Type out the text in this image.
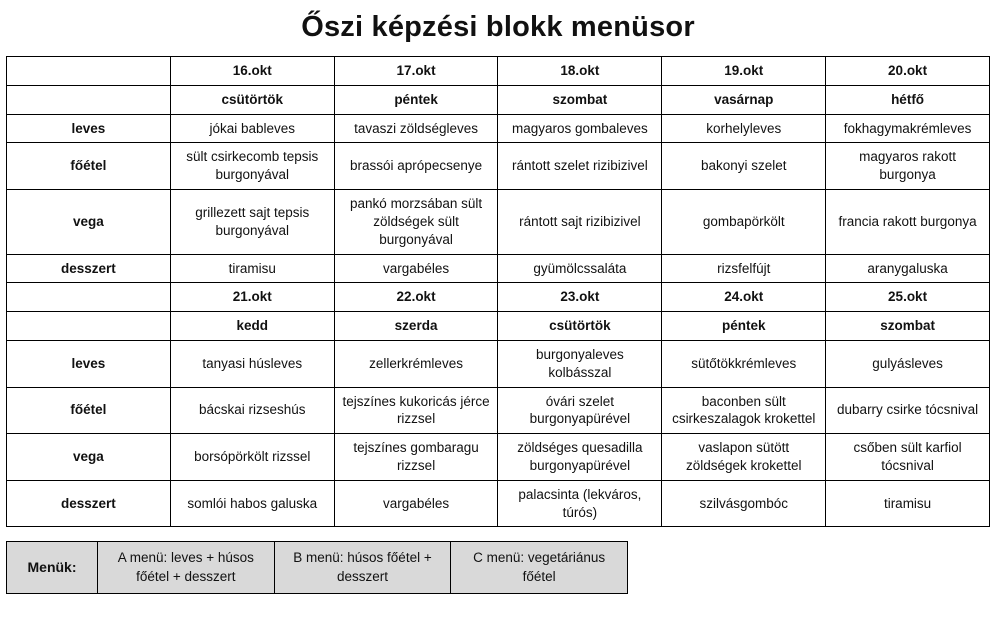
Őszi képzési blokk menüsor
	16.okt	17.okt	18.okt	19.okt	20.okt
	csütörtök	péntek	szombat	vasárnap	hétfő
leves	jókai bableves	tavaszi zöldségleves	magyaros gombaleves	korhelyleves	fokhagymakrémleves
főétel	sült csirkecomb tepsis burgonyával	brassói aprópecsenye	rántott szelet rizibizivel	bakonyi szelet	magyaros rakott burgonya
vega	grillezett sajt tepsis burgonyával	pankó morzsában sült zöldségek sült burgonyával	rántott sajt rizibizivel	gombapörkölt	francia rakott burgonya
desszert	tiramisu	vargabéles	gyümölcssaláta	rizsfelfújt	aranygaluska
	21.okt	22.okt	23.okt	24.okt	25.okt
	kedd	szerda	csütörtök	péntek	szombat
leves	tanyasi húsleves	zellerkrémleves	burgonyaleves kolbásszal	sütőtökkrémleves	gulyásleves
főétel	bácskai rizseshús	tejszínes kukoricás jérce rizzsel	óvári szelet burgonyapürével	baconben sült csirkeszalagok krokettel	dubarry csirke tócsnival
vega	borsópörkölt rizssel	tejszínes gombaragu rizzsel	zöldséges quesadilla burgonyapürével	vaslapon sütött zöldségek krokettel	csőben sült karfiol tócsnival
desszert	somlói habos galuska	vargabéles	palacsinta (lekváros, túrós)	szilvásgombóc	tiramisu
Menük:	A menü: leves + húsos főétel + desszert	B menü: húsos főétel + desszert	C menü: vegetáriánus főétel
